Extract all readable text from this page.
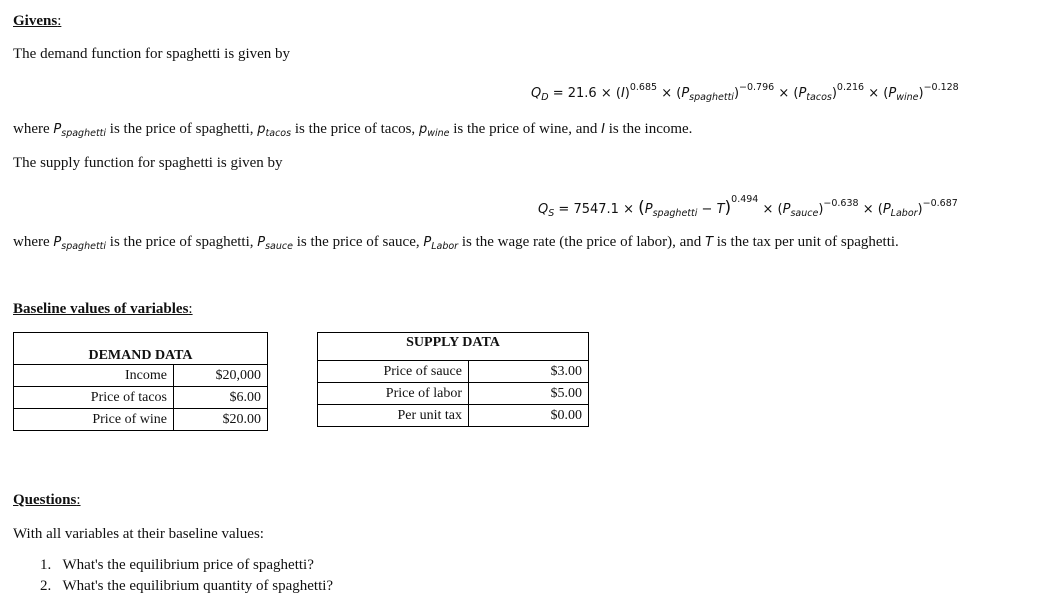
Givens:
The demand function for spaghetti is given by
$Q_D = 21.6 \times (I)^{0.685} \times (P_{spaghetti})^{-0.796} \times (P_{tacos})^{0.216} \times (P_{wine})^{-0.128}$
where $P_{spaghetti}$ is the price of spaghetti, $p_{tacos}$ is the price of tacos, $p_{wine}$ is the price of wine, and I is the income.
The supply function for spaghetti is given by
$Q_S = 7547.1 \times (P_{spaghetti} - T)^{0.494} \times (P_{sauce})^{-0.638} \times (P_{Labor})^{-0.687}$
where $P_{spaghetti}$ is the price of spaghetti, $P_{sauce}$ is the price of sauce, $P_{Labor}$ is the wage rate (the price of labor), and T is the tax per unit of spaghetti.
Baseline values of variables:
DEMAND DATA	
Income	$20,000
Price of tacos	$6.00
Price of wine	$20.00
SUPPLY DATA	
Price of sauce	$3.00
Price of labor	$5.00
Per unit tax	$0.00
Questions:
With all variables at their baseline values:
1. What's the equilibrium price of spaghetti?
2. What's the equilibrium quantity of spaghetti?
